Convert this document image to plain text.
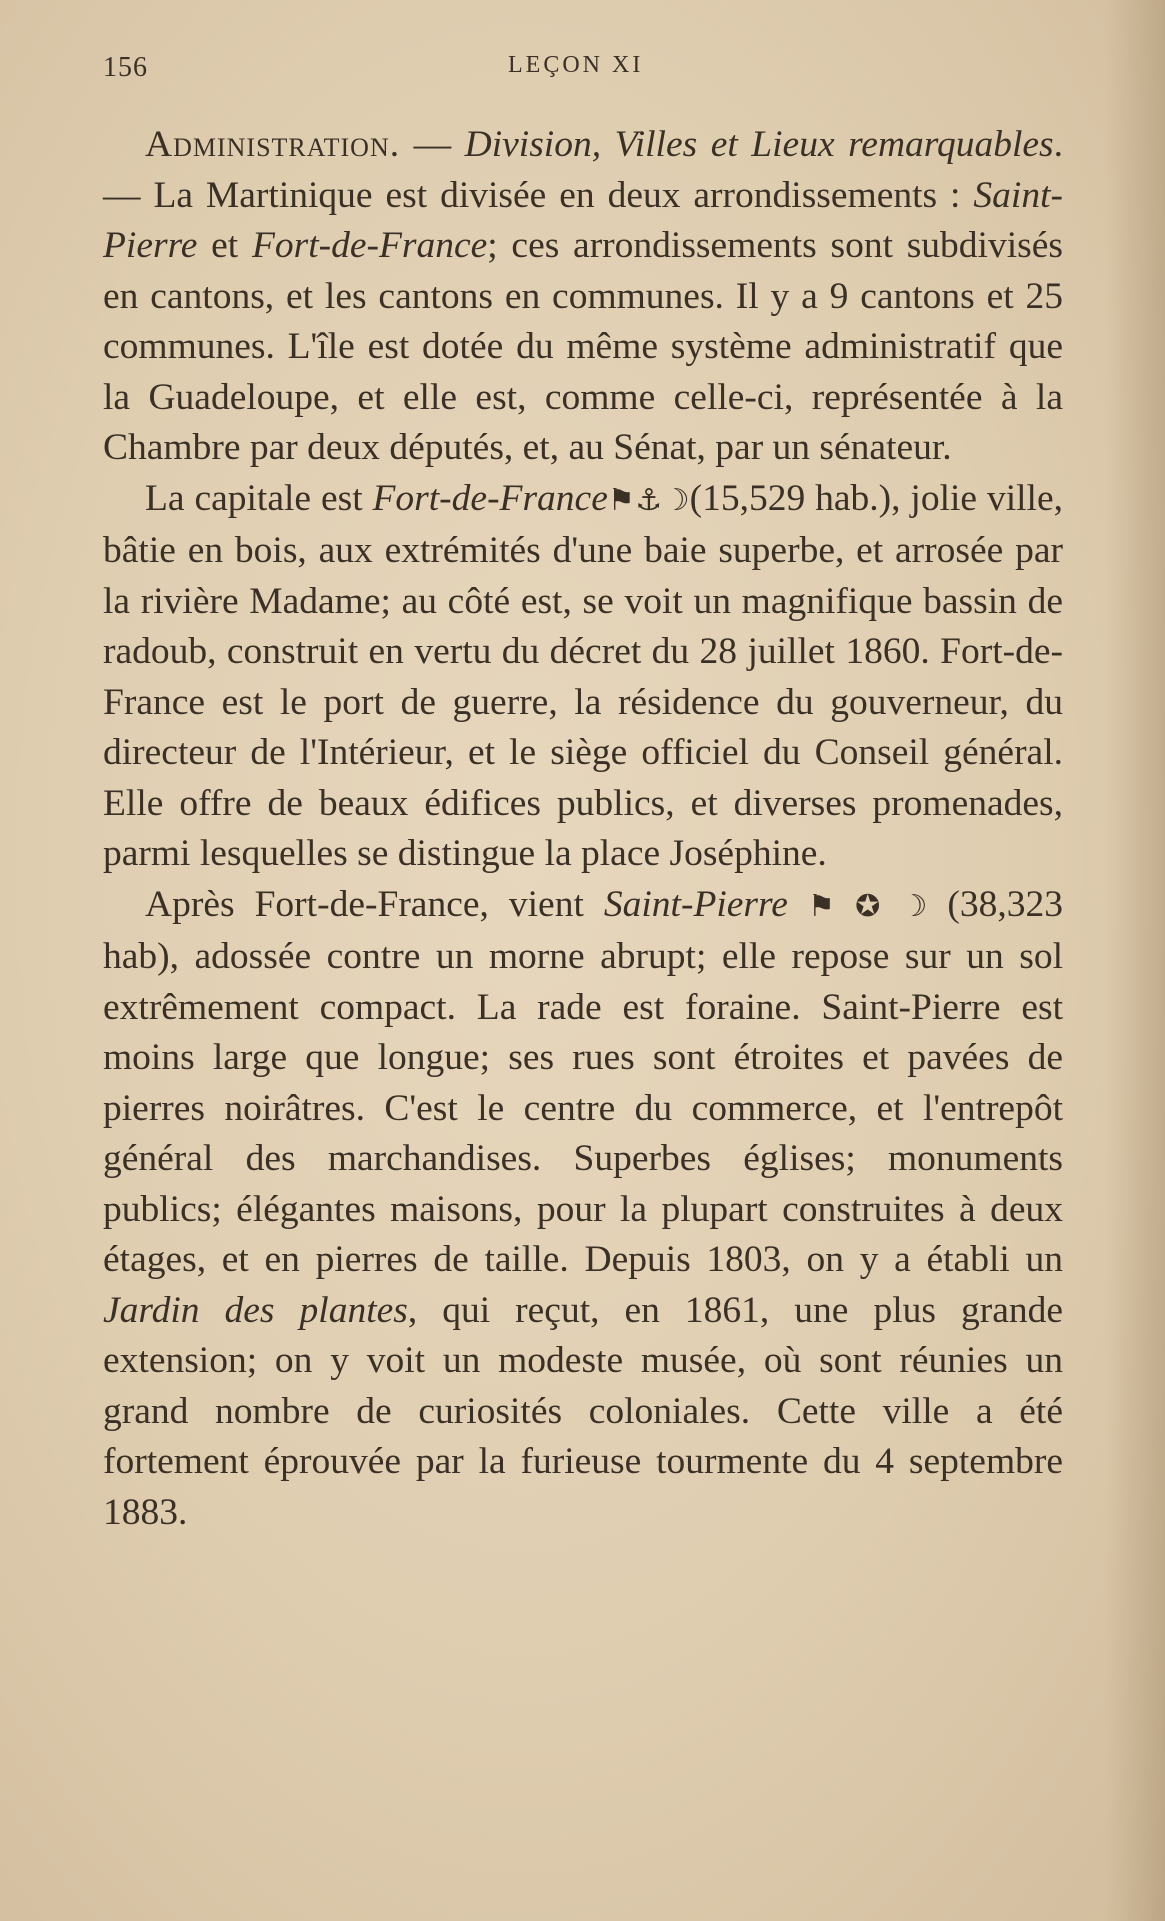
156	LEÇON XI

Administration. — Division, Villes et Lieux remarquables. — La Martinique est divisée en deux arrondissements : Saint-Pierre et Fort-de-France; ces arrondissements sont subdivisés en cantons, et les cantons en communes. Il y a 9 cantons et 25 communes. L'île est dotée du même système administratif que la Guadeloupe, et elle est, comme celle-ci, représentée à la Chambre par deux députés, et, au Sénat, par un sénateur.

La capitale est Fort-de-France⚑⚓☽(15,529 hab.), jolie ville, bâtie en bois, aux extrémités d'une baie superbe, et arrosée par la rivière Madame; au côté est, se voit un magnifique bassin de radoub, construit en vertu du décret du 28 juillet 1860. Fort-de-France est le port de guerre, la résidence du gouverneur, du directeur de l'Intérieur, et le siège officiel du Conseil général. Elle offre de beaux édifices publics, et diverses promenades, parmi lesquelles se distingue la place Joséphine.

Après Fort-de-France, vient Saint-Pierre ⚑ ✪ ☽ (38,323 hab), adossée contre un morne abrupt; elle repose sur un sol extrêmement compact. La rade est foraine. Saint-Pierre est moins large que longue; ses rues sont étroites et pavées de pierres noirâtres. C'est le centre du commerce, et l'entrepôt général des marchandises. Superbes églises; monuments publics; élégantes maisons, pour la plupart construites à deux étages, et en pierres de taille. Depuis 1803, on y a établi un Jardin des plantes, qui reçut, en 1861, une plus grande extension; on y voit un modeste musée, où sont réunies un grand nombre de curiosités coloniales. Cette ville a été fortement éprouvée par la furieuse tourmente du 4 septembre 1883.
